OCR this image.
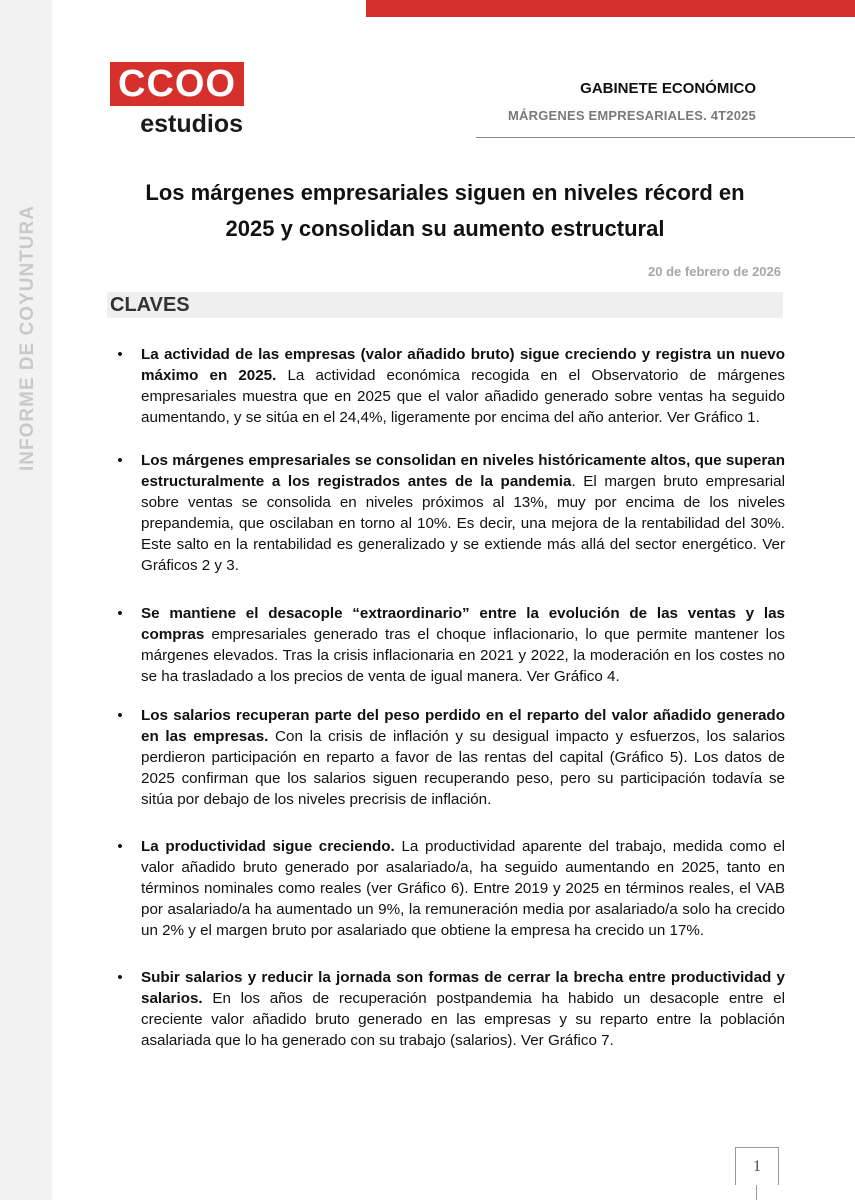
INFORME DE COYUNTURA
CCOO
estudios
GABINETE ECONÓMICO
MÁRGENES EMPRESARIALES. 4T2025
Los márgenes empresariales siguen en niveles récord en
2025 y consolidan su aumento estructural
20 de febrero de 2026
CLAVES
• La actividad de las empresas (valor añadido bruto) sigue creciendo y registra un nuevo máximo en 2025. La actividad económica recogida en el Observatorio de márgenes empresariales muestra que en 2025 que el valor añadido generado sobre ventas ha seguido aumentando, y se sitúa en el 24,4%, ligeramente por encima del año anterior. Ver Gráfico 1.
• Los márgenes empresariales se consolidan en niveles históricamente altos, que superan estructuralmente a los registrados antes de la pandemia. El margen bruto empresarial sobre ventas se consolida en niveles próximos al 13%, muy por encima de los niveles prepandemia, que oscilaban en torno al 10%. Es decir, una mejora de la rentabilidad del 30%. Este salto en la rentabilidad es generalizado y se extiende más allá del sector energético. Ver Gráficos 2 y 3.
• Se mantiene el desacople “extraordinario” entre la evolución de las ventas y las compras empresariales generado tras el choque inflacionario, lo que permite mantener los márgenes elevados. Tras la crisis inflacionaria en 2021 y 2022, la moderación en los costes no se ha trasladado a los precios de venta de igual manera. Ver Gráfico 4.
• Los salarios recuperan parte del peso perdido en el reparto del valor añadido generado en las empresas. Con la crisis de inflación y su desigual impacto y esfuerzos, los salarios perdieron participación en reparto a favor de las rentas del capital (Gráfico 5). Los datos de 2025 confirman que los salarios siguen recuperando peso, pero su participación todavía se sitúa por debajo de los niveles precrisis de inflación.
• La productividad sigue creciendo. La productividad aparente del trabajo, medida como el valor añadido bruto generado por asalariado/a, ha seguido aumentando en 2025, tanto en términos nominales como reales (ver Gráfico 6). Entre 2019 y 2025 en términos reales, el VAB por asalariado/a ha aumentado un 9%, la remuneración media por asalariado/a solo ha crecido un 2% y el margen bruto por asalariado que obtiene la empresa ha crecido un 17%.
• Subir salarios y reducir la jornada son formas de cerrar la brecha entre productividad y salarios. En los años de recuperación postpandemia ha habido un desacople entre el creciente valor añadido bruto generado en las empresas y su reparto entre la población asalariada que lo ha generado con su trabajo (salarios). Ver Gráfico 7.
1
